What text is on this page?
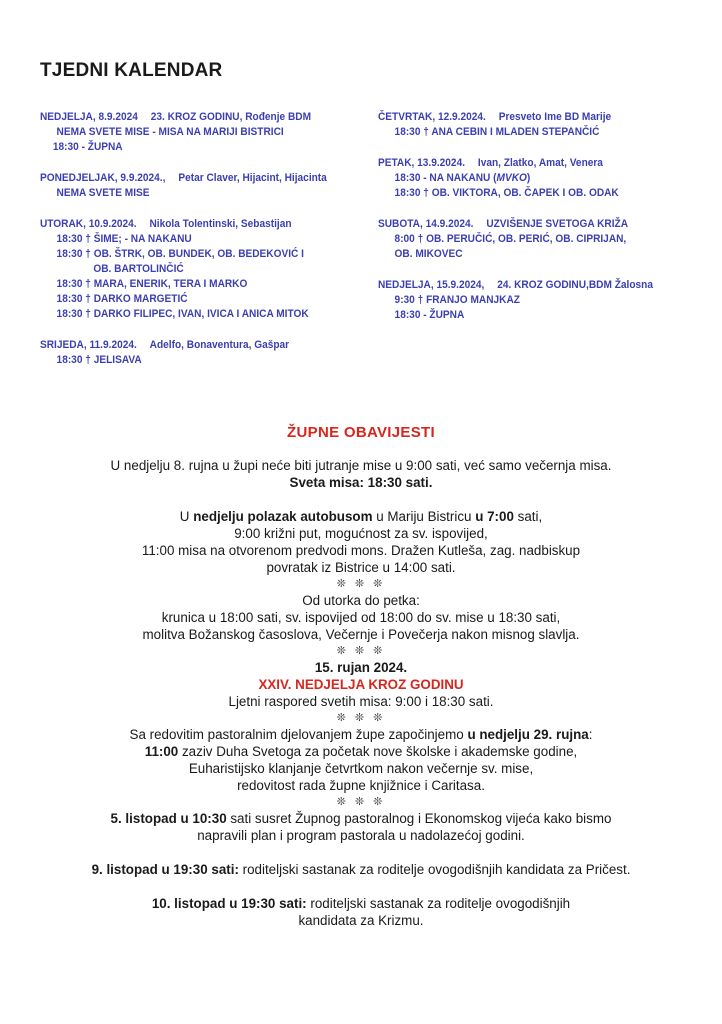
TJEDNI KALENDAR
NEDJELJA, 8.9.2024 23. KROZ GODINU, Rođenje BDM
NEMA SVETE MISE - MISA NA MARIJI BISTRICI
18:30 - ŽUPNA
PONEDJELJAK, 9.9.2024., Petar Claver, Hijacint, Hijacinta
NEMA SVETE MISE
UTORAK, 10.9.2024. Nikola Tolentinski, Sebastijan
18:30 † ŠIME; - NA NAKANU
18:30 † OB. ŠTRK, OB. BUNDEK, OB. BEDEKOVIĆ I
OB. BARTOLINČIĆ
18:30 † MARA, ENERIK, TERA I MARKO
18:30 † DARKO MARGETIĆ
18:30 † DARKO FILIPEC, IVAN, IVICA I ANICA MITOK
SRIJEDA, 11.9.2024. Adelfo, Bonaventura, Gašpar
18:30 † JELISAVA
ČETVRTAK, 12.9.2024. Presveto Ime BD Marije
18:30 † ANA CEBIN I MLADEN STEPANČIĆ
PETAK, 13.9.2024. Ivan, Zlatko, Amat, Venera
18:30 - NA NAKANU (MVKO)
18:30 † OB. VIKTORA, OB. ČAPEK I OB. ODAK
SUBOTA, 14.9.2024. UZVIŠENJE SVETOGA KRIŽA
8:00 † OB. PERUČIĆ, OB. PERIĆ, OB. CIPRIJAN,
OB. MIKOVEC
NEDJELJA, 15.9.2024, 24. KROZ GODINU,BDM Žalosna
9:30 † FRANJO MANJKAZ
18:30 - ŽUPNA
ŽUPNE OBAVIJESTI
U nedjelju 8. rujna u župi neće biti jutranje mise u 9:00 sati, već samo večernja misa.
Sveta misa: 18:30 sati.
U nedjelju polazak autobusom u Mariju Bistricu u 7:00 sati,
9:00 križni put, mogućnost za sv. ispovijed,
11:00 misa na otvorenom predvodi mons. Dražen Kutleša, zag. nadbiskup
povratak iz Bistrice u 14:00 sati.
❊ ❊ ❊
Od utorka do petka:
krunica u 18:00 sati, sv. ispovijed od 18:00 do sv. mise u 18:30 sati,
molitva Božanskog časoslova, Večernje i Povečerja nakon misnog slavlja.
❊ ❊ ❊
15. rujan 2024.
XXIV. NEDJELJA KROZ GODINU
Ljetni raspored svetih misa: 9:00 i 18:30 sati.
❊ ❊ ❊
Sa redovitim pastoralnim djelovanjem župe započinjemo u nedjelju 29. rujna:
11:00 zaziv Duha Svetoga za početak nove školske i akademske godine,
Euharistijsko klanjanje četvrtkom nakon večernje sv. mise,
redovitost rada župne knjižnice i Caritasa.
❊ ❊ ❊
5. listopad u 10:30 sati susret Župnog pastoralnog i Ekonomskog vijeća kako bismo
napravili plan i program pastorala u nadolazećoj godini.
9. listopad u 19:30 sati: roditeljski sastanak za roditelje ovogodišnjih kandidata za Pričest.
10. listopad u 19:30 sati: roditeljski sastanak za roditelje ovogodišnjih
kandidata za Krizmu.
